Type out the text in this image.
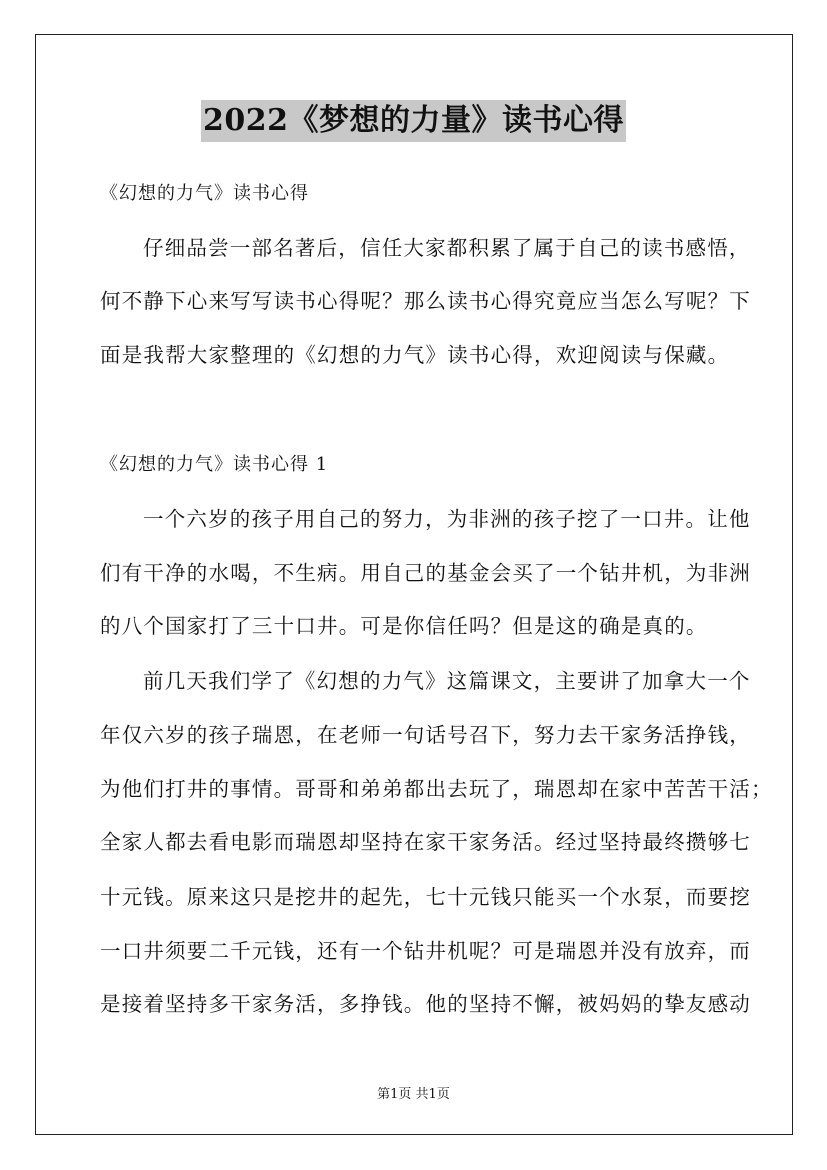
2022《梦想的力量》读书心得
《幻想的力气》读书心得
仔细品尝一部名著后，信任大家都积累了属于自己的读书感悟，
何不静下心来写写读书心得呢？那么读书心得究竟应当怎么写呢？下
面是我帮大家整理的《幻想的力气》读书心得，欢迎阅读与保藏。
《幻想的力气》读书心得 1
一个六岁的孩子用自己的努力，为非洲的孩子挖了一口井。让他
们有干净的水喝，不生病。用自己的基金会买了一个钻井机，为非洲
的八个国家打了三十口井。可是你信任吗？但是这的确是真的。
前几天我们学了《幻想的力气》这篇课文，主要讲了加拿大一个
年仅六岁的孩子瑞恩，在老师一句话号召下，努力去干家务活挣钱，
为他们打井的事情。哥哥和弟弟都出去玩了，瑞恩却在家中苦苦干活；
全家人都去看电影而瑞恩却坚持在家干家务活。经过坚持最终攒够七
十元钱。原来这只是挖井的起先，七十元钱只能买一个水泵，而要挖
一口井须要二千元钱，还有一个钻井机呢？可是瑞恩并没有放弃，而
是接着坚持多干家务活，多挣钱。他的坚持不懈，被妈妈的挚友感动
第1页 共1页
